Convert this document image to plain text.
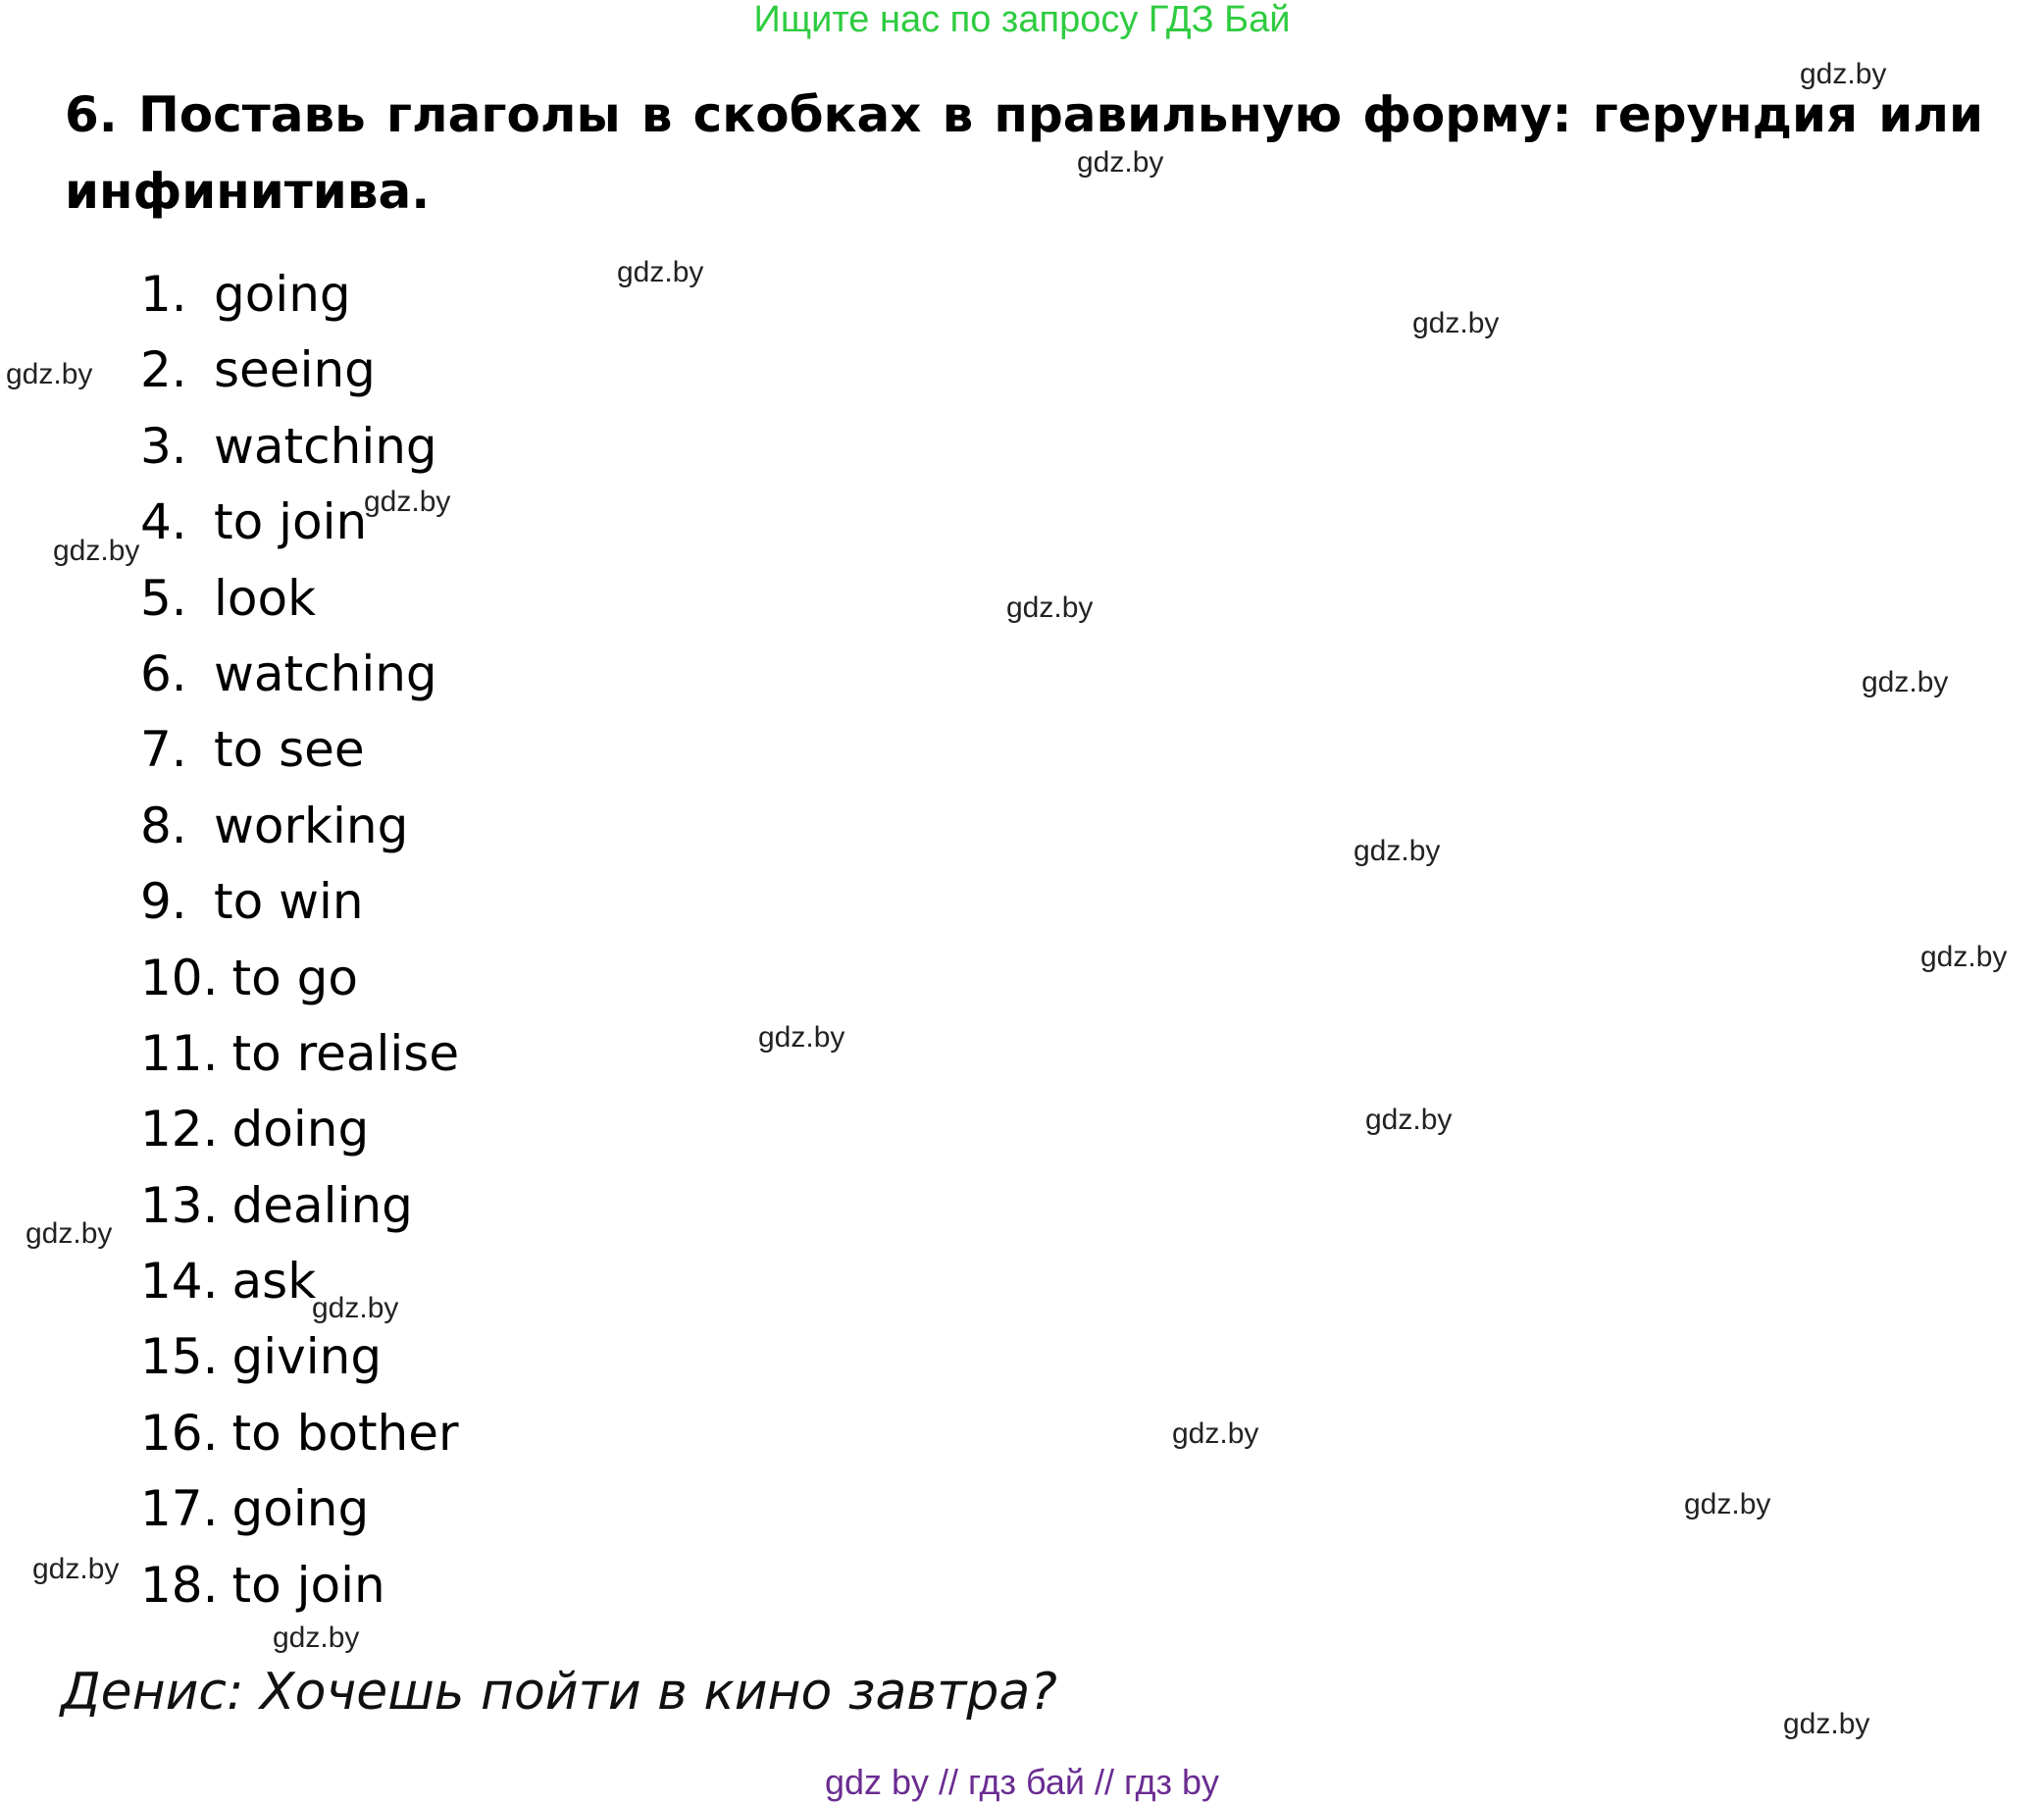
Ищите нас по запросу ГДЗ Бай

6. Поставь глаголы в скобках в правильную форму: герундия или инфинитива.

1. going
2. seeing
3. watching
4. to join
5. look
6. watching
7. to see
8. working
9. to win
10. to go
11. to realise
12. doing
13. dealing
14. ask
15. giving
16. to bother
17. going
18. to join
Денис: Хочешь пойти в кино завтра?
gdz by // гдз бай // гдз by
gdz.by
gdz.by
gdz.by
gdz.by
gdz.by
gdz.by
gdz.by
gdz.by
gdz.by
gdz.by
gdz.by
gdz.by
gdz.by
gdz.by
gdz.by
gdz.by
gdz.by
gdz.by
gdz.by
gdz.by
